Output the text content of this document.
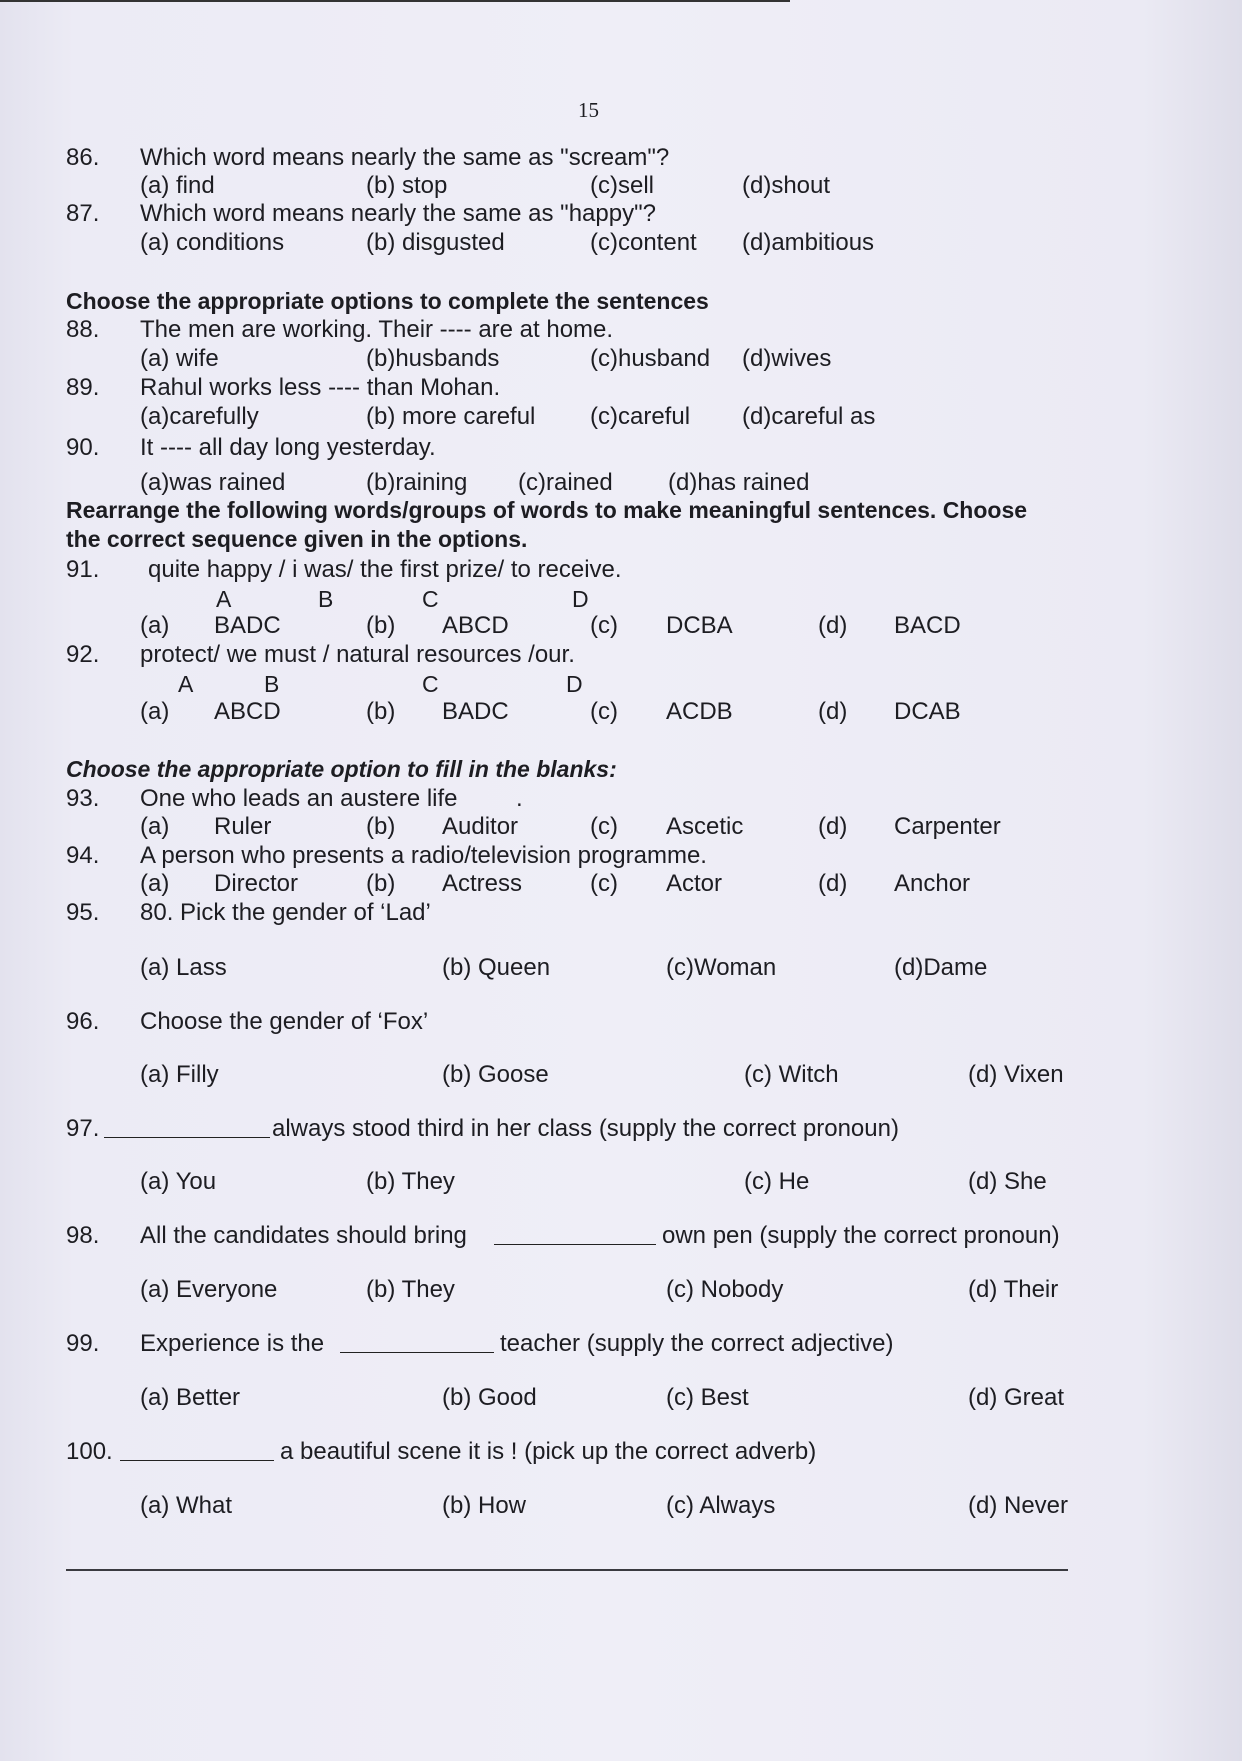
15
86. Which word means nearly the same as "scream"?
(a) find	(b) stop	(c)sell	(d)shout
87. Which word means nearly the same as "happy"?
(a) conditions	(b) disgusted	(c)content (d)ambitious
Choose the appropriate options to complete the sentences
88. The men are working. Their ---- are at home.
(a) wife	(b)husbands	(c)husband (d)wives
89. Rahul works less ---- than Mohan.
(a)carefully	(b) more careful (c)careful (d)careful as
90. It ---- all day long yesterday.
(a)was rained	(b)raining (c)rained (d)has rained
Rearrange the following words/groups of words to make meaningful sentences. Choose
the correct sequence given in the options.
91. quite happy / i was/ the first prize/ to receive.
A	B	C	D
(a) BADC	(b) ABCD	(c) DCBA	(d) BACD
92. protect/ we must / natural resources /our.
A	B	C	D
(a) ABCD	(b) BADC	(c) ACDB	(d) DCAB
Choose the appropriate option to fill in the blanks:
93. One who leads an austere life .
(a) Ruler	(b) Auditor	(c) Ascetic	(d) Carpenter
94. A person who presents a radio/television programme.
(a) Director	(b) Actress	(c) Actor	(d) Anchor
95. 80. Pick the gender of ‘Lad’
(a) Lass	(b) Queen	(c)Woman	(d)Dame
96. Choose the gender of ‘Fox’
(a) Filly	(b) Goose	(c) Witch	(d) Vixen
97.	always stood third in her class (supply the correct pronoun)
(a) You	(b) They	(c) He	(d) She
98. All the candidates should bring	own pen (supply the correct pronoun)
(a) Everyone	(b) They	(c) Nobody	(d) Their
99. Experience is the	teacher (supply the correct adjective)
(a) Better	(b) Good	(c) Best	(d) Great
100.	a beautiful scene it is ! (pick up the correct adverb)
(a) What	(b) How	(c) Always	(d) Never
